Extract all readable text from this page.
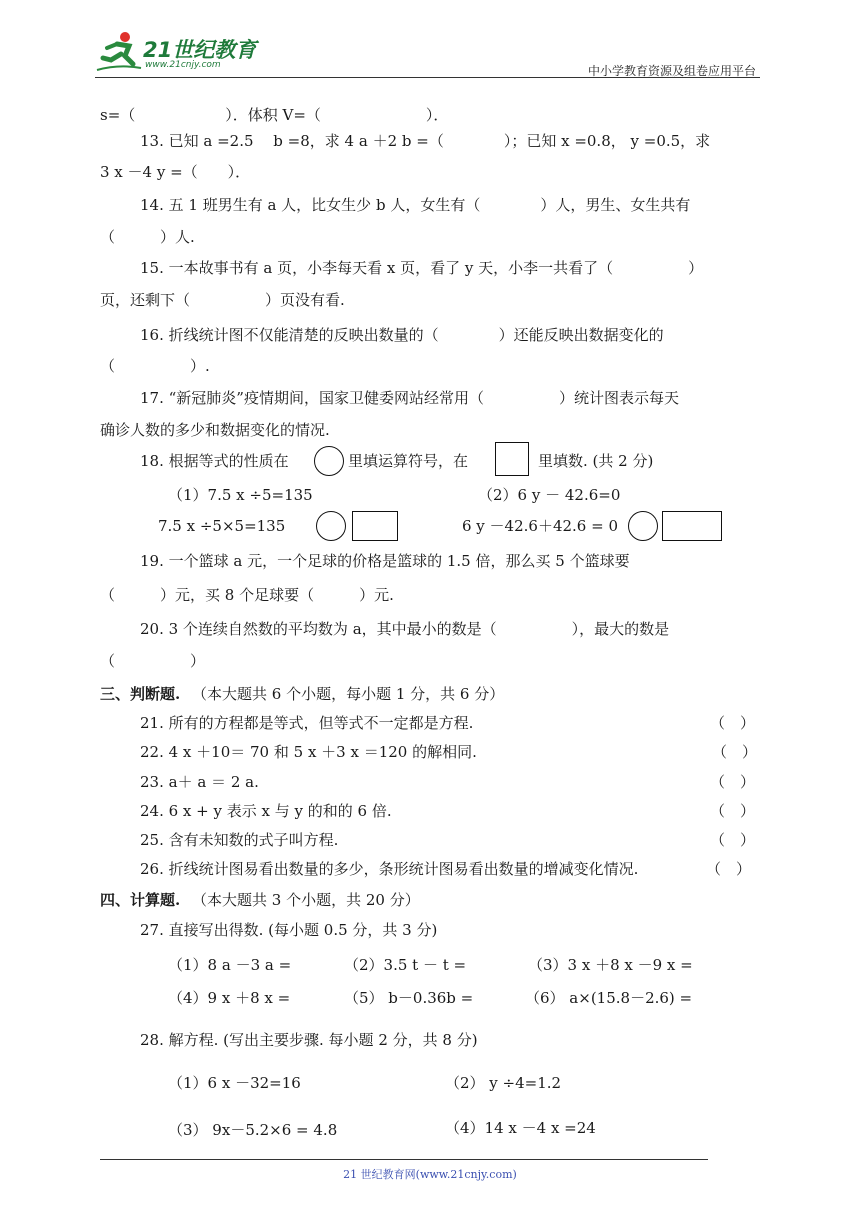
21世纪教育
www.21cnjy.com	中小学教育资源及组卷应用平台
s=（　　　　　　）．体积 V=（　　　　　　　）．
13. 已知 a =2.5　 b =8，求 4 a ＋2 b =（　　　　）；已知 x =0.8， y =0.5，求
3 x －4 y =（　　）．
14. 五 1 班男生有 a 人，比女生少 b 人，女生有（　　　　）人，男生、女生共有
（　　　）人.
15. 一本故事书有 a 页，小李每天看 x 页，看了 y 天，小李一共看了（　　　　　）
页，还剩下（　　　　　）页没有看.
16. 折线统计图不仅能清楚的反映出数量的（　　　　）还能反映出数据变化的
（　　　　　）.
17. “新冠肺炎”疫情期间，国家卫健委网站经常用（　　　　　）统计图表示每天
确诊人数的多少和数据变化的情况.
18. 根据等式的性质在	里填运算符号，在	里填数. (共 2 分)
（1）7.5 x ÷5=135	（2）6 y － 42.6=0
7.5 x ÷5×5=135	6 y －42.6＋42.6 = 0
19. 一个篮球 a 元，一个足球的价格是篮球的 1.5 倍，那么买 5 个篮球要
（　　　）元，买 8 个足球要（　　　）元.
20. 3 个连续自然数的平均数为 a，其中最小的数是（　　　　　），最大的数是
（　　　　　）
三、判断题. （本大题共 6 个小题，每小题 1 分，共 6 分）
21. 所有的方程都是等式，但等式不一定都是方程.	（　）
22. 4 x ＋10＝ 70 和 5 x ＋3 x ＝120 的解相同.	（　）
23. a＋ a ＝ 2 a.	（　）
24. 6 x + y 表示 x 与 y 的和的 6 倍.	（　）
25. 含有未知数的式子叫方程.	（　）
26. 折线统计图易看出数量的多少，条形统计图易看出数量的增减变化情况.	（　）
四、计算题. （本大题共 3 个小题，共 20 分）
27. 直接写出得数. (每小题 0.5 分，共 3 分)
（1）8 a －3 a =	（2）3.5 t － t =	（3）3 x ＋8 x －9 x =
（4）9 x ＋8 x =	（5） b－0.36b =	（6） a×(15.8－2.6) =
28. 解方程. (写出主要步骤. 每小题 2 分，共 8 分)
（1）6 x －32=16	（2） y ÷4=1.2
（3） 9x－5.2×6 = 4.8	（4）14 x －4 x =24
21 世纪教育网(www.21cnjy.com)
